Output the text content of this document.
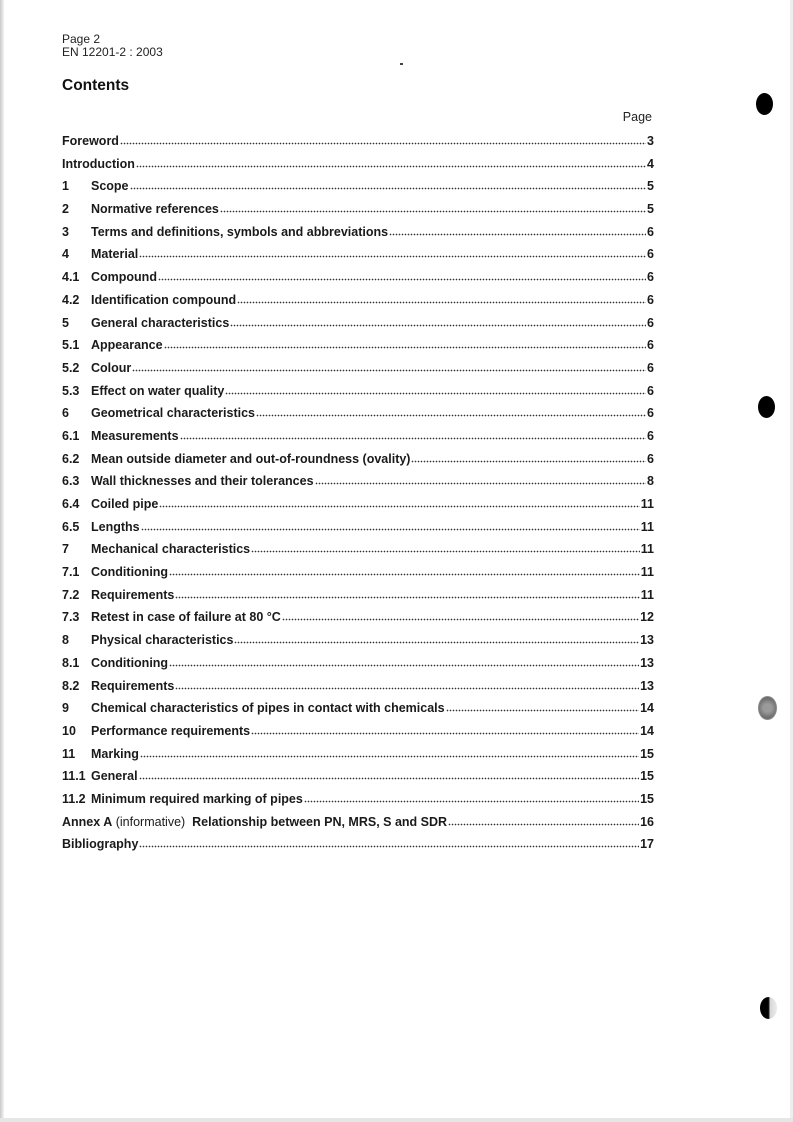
Page 2
EN 12201-2 : 2003
Contents
Page
Foreword	3
Introduction	4
1	Scope	5
2	Normative references	5
3	Terms and definitions, symbols and abbreviations	6
4	Material	6
4.1 Compound	6
4.2 Identification compound	6
5	General characteristics	6
5.1 Appearance	6
5.2 Colour	6
5.3 Effect on water quality	6
6	Geometrical characteristics	6
6.1 Measurements	6
6.2 Mean outside diameter and out-of-roundness (ovality)	6
6.3 Wall thicknesses and their tolerances	8
6.4 Coiled pipe	11
6.5 Lengths	11
7	Mechanical characteristics	11
7.1 Conditioning	11
7.2 Requirements	11
7.3 Retest in case of failure at 80 °C	12
8	Physical characteristics	13
8.1 Conditioning	13
8.2 Requirements	13
9	Chemical characteristics of pipes in contact with chemicals	14
10	Performance requirements	14
11	Marking	15
11.1 General	15
11.2 Minimum required marking of pipes	15
Annex A (informative) Relationship between PN, MRS, S and SDR	16
Bibliography	17
